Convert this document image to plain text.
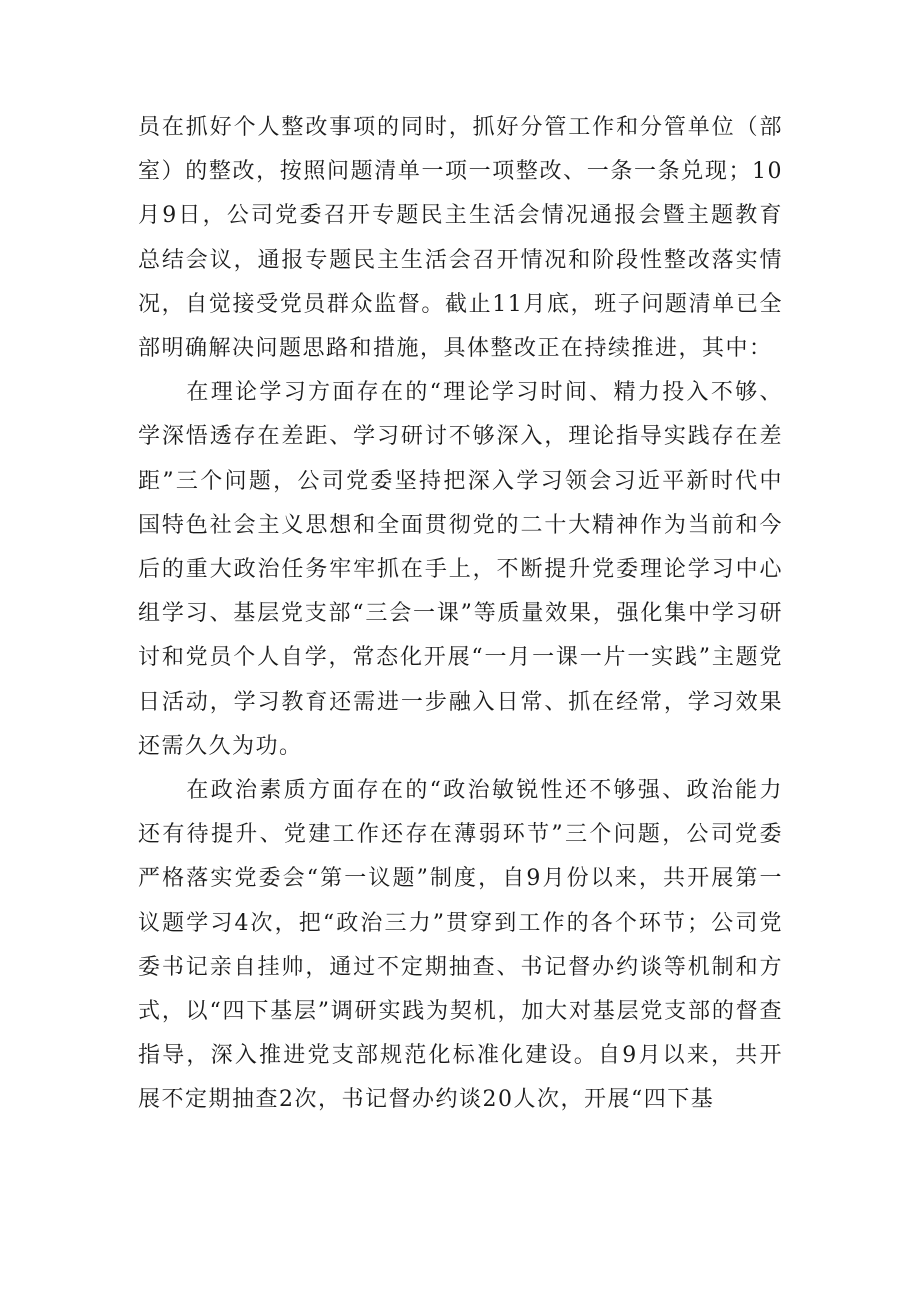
员在抓好个人整改事项的同时，抓好分管工作和分管单位（部室）的整改，按照问题清单一项一项整改、一条一条兑现；10月9日，公司党委召开专题民主生活会情况通报会暨主题教育总结会议，通报专题民主生活会召开情况和阶段性整改落实情况，自觉接受党员群众监督。截止11月底，班子问题清单已全部明确解决问题思路和措施，具体整改正在持续推进，其中：

在理论学习方面存在的“理论学习时间、精力投入不够、学深悟透存在差距、学习研讨不够深入，理论指导实践存在差距”三个问题，公司党委坚持把深入学习领会习近平新时代中国特色社会主义思想和全面贯彻党的二十大精神作为当前和今后的重大政治任务牢牢抓在手上，不断提升党委理论学习中心组学习、基层党支部“三会一课”等质量效果，强化集中学习研讨和党员个人自学，常态化开展“一月一课一片一实践”主题党日活动，学习教育还需进一步融入日常、抓在经常，学习效果还需久久为功。

在政治素质方面存在的“政治敏锐性还不够强、政治能力还有待提升、党建工作还存在薄弱环节”三个问题，公司党委严格落实党委会“第一议题”制度，自9月份以来，共开展第一议题学习4次，把“政治三力”贯穿到工作的各个环节；公司党委书记亲自挂帅，通过不定期抽查、书记督办约谈等机制和方式，以“四下基层”调研实践为契机，加大对基层党支部的督查指导，深入推进党支部规范化标准化建设。自9月以来，共开展不定期抽查2次，书记督办约谈20人次，开展“四下基
